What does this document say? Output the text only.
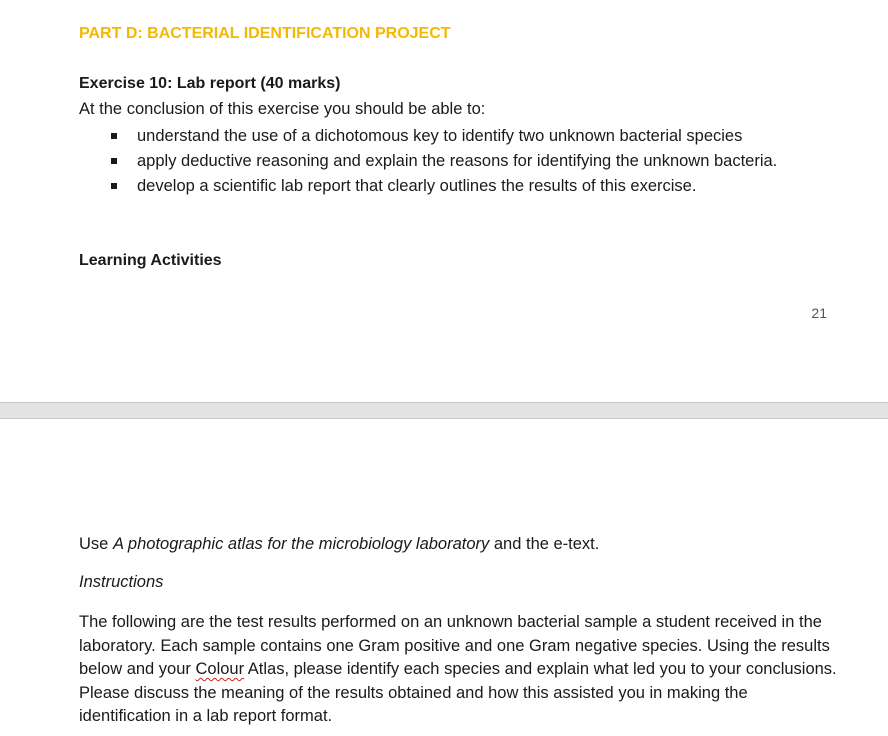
PART D: BACTERIAL IDENTIFICATION PROJECT
Exercise 10: Lab report (40 marks)

At the conclusion of this exercise you should be able to:

understand the use of a dichotomous key to identify two unknown bacterial species
apply deductive reasoning and explain the reasons for identifying the unknown bacteria.
develop a scientific lab report that clearly outlines the results of this exercise.
Learning Activities

21

Use A photographic atlas for the microbiology laboratory and the e-text.

Instructions

The following are the test results performed on an unknown bacterial sample a student received in the laboratory. Each sample contains one Gram positive and one Gram negative species. Using the results below and your Colour Atlas, please identify each species and explain what led you to your conclusions. Please discuss the meaning of the results obtained and how this assisted you in making the identification in a lab report format.
